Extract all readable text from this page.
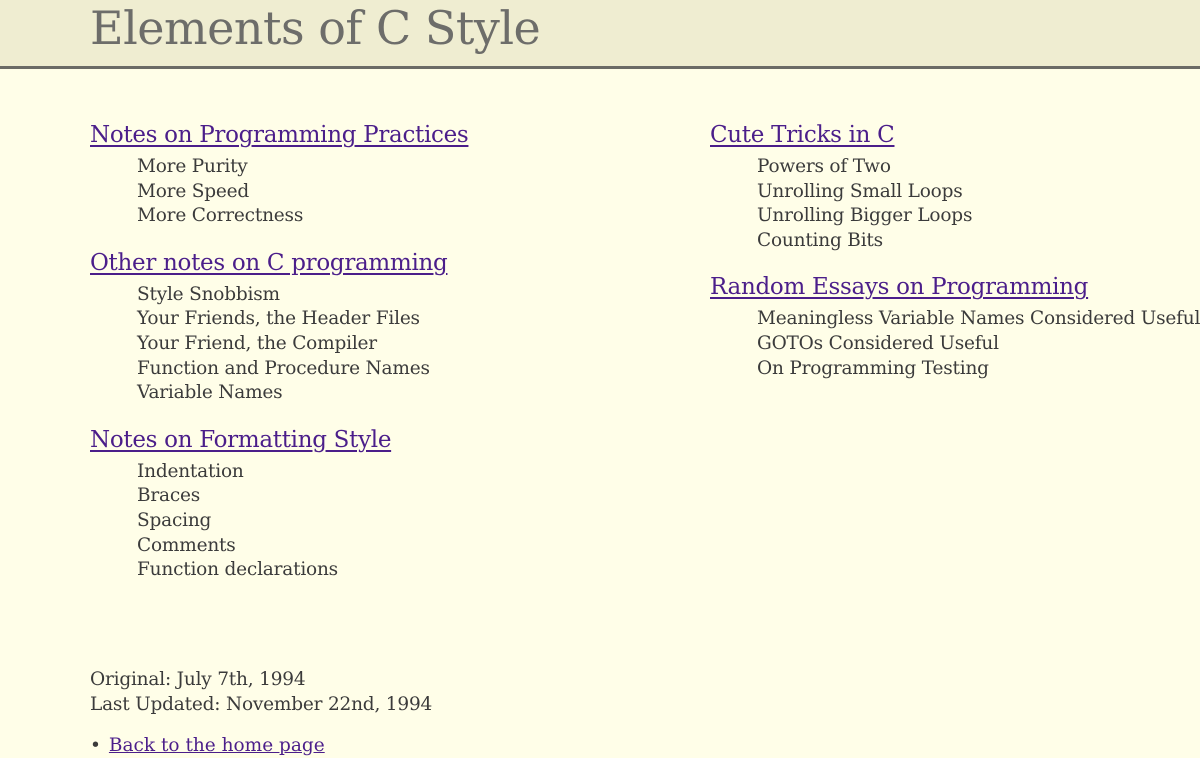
Elements of C Style
Notes on Programming Practices
More Purity
More Speed
More Correctness
Other notes on C programming
Style Snobbism
Your Friends, the Header Files
Your Friend, the Compiler
Function and Procedure Names
Variable Names
Notes on Formatting Style
Indentation
Braces
Spacing
Comments
Function declarations
Cute Tricks in C
Powers of Two
Unrolling Small Loops
Unrolling Bigger Loops
Counting Bits
Random Essays on Programming
Meaningless Variable Names Considered Useful
GOTOs Considered Useful
On Programming Testing
Original: July 7th, 1994
Last Updated: November 22nd, 1994
• Back to the home page
